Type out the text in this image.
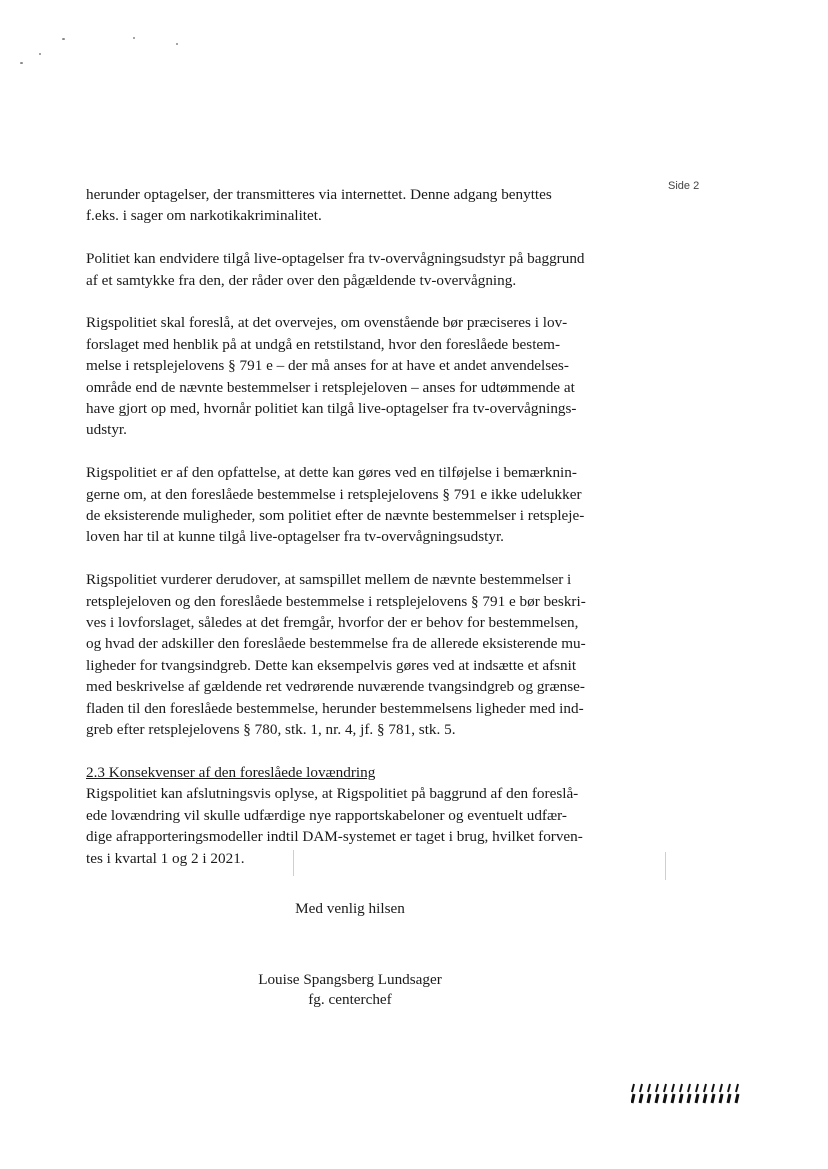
Side 2

herunder optagelser, der transmitteres via internettet. Denne adgang benyttes
f.eks. i sager om narkotikakriminalitet.

Politiet kan endvidere tilgå live-optagelser fra tv-overvågningsudstyr på baggrund
af et samtykke fra den, der råder over den pågældende tv-overvågning.

Rigspolitiet skal foreslå, at det overvejes, om ovenstående bør præciseres i lov-
forslaget med henblik på at undgå en retstilstand, hvor den foreslåede bestem-
melse i retsplejelovens § 791 e – der må anses for at have et andet anvendelses-
område end de nævnte bestemmelser i retsplejeloven – anses for udtømmende at
have gjort op med, hvornår politiet kan tilgå live-optagelser fra tv-overvågnings-
udstyr.

Rigspolitiet er af den opfattelse, at dette kan gøres ved en tilføjelse i bemærknin-
gerne om, at den foreslåede bestemmelse i retsplejelovens § 791 e ikke udelukker
de eksisterende muligheder, som politiet efter de nævnte bestemmelser i retspleje-
loven har til at kunne tilgå live-optagelser fra tv-overvågningsudstyr.

Rigspolitiet vurderer derudover, at samspillet mellem de nævnte bestemmelser i
retsplejeloven og den foreslåede bestemmelse i retsplejelovens § 791 e bør beskri-
ves i lovforslaget, således at det fremgår, hvorfor der er behov for bestemmelsen,
og hvad der adskiller den foreslåede bestemmelse fra de allerede eksisterende mu-
ligheder for tvangsindgreb. Dette kan eksempelvis gøres ved at indsætte et afsnit
med beskrivelse af gældende ret vedrørende nuværende tvangsindgreb og grænse-
fladen til den foreslåede bestemmelse, herunder bestemmelsens ligheder med ind-
greb efter retsplejelovens § 780, stk. 1, nr. 4, jf. § 781, stk. 5.

2.3 Konsekvenser af den foreslåede lovændring
Rigspolitiet kan afslutningsvis oplyse, at Rigspolitiet på baggrund af den foreslå-
ede lovændring vil skulle udfærdige nye rapportskabeloner og eventuelt udfær-
dige afrapporteringsmodeller indtil DAM-systemet er taget i brug, hvilket forven-
tes i kvartal 1 og 2 i 2021.
Med venlig hilsen
Louise Spangsberg Lundsager
fg. centerchef
